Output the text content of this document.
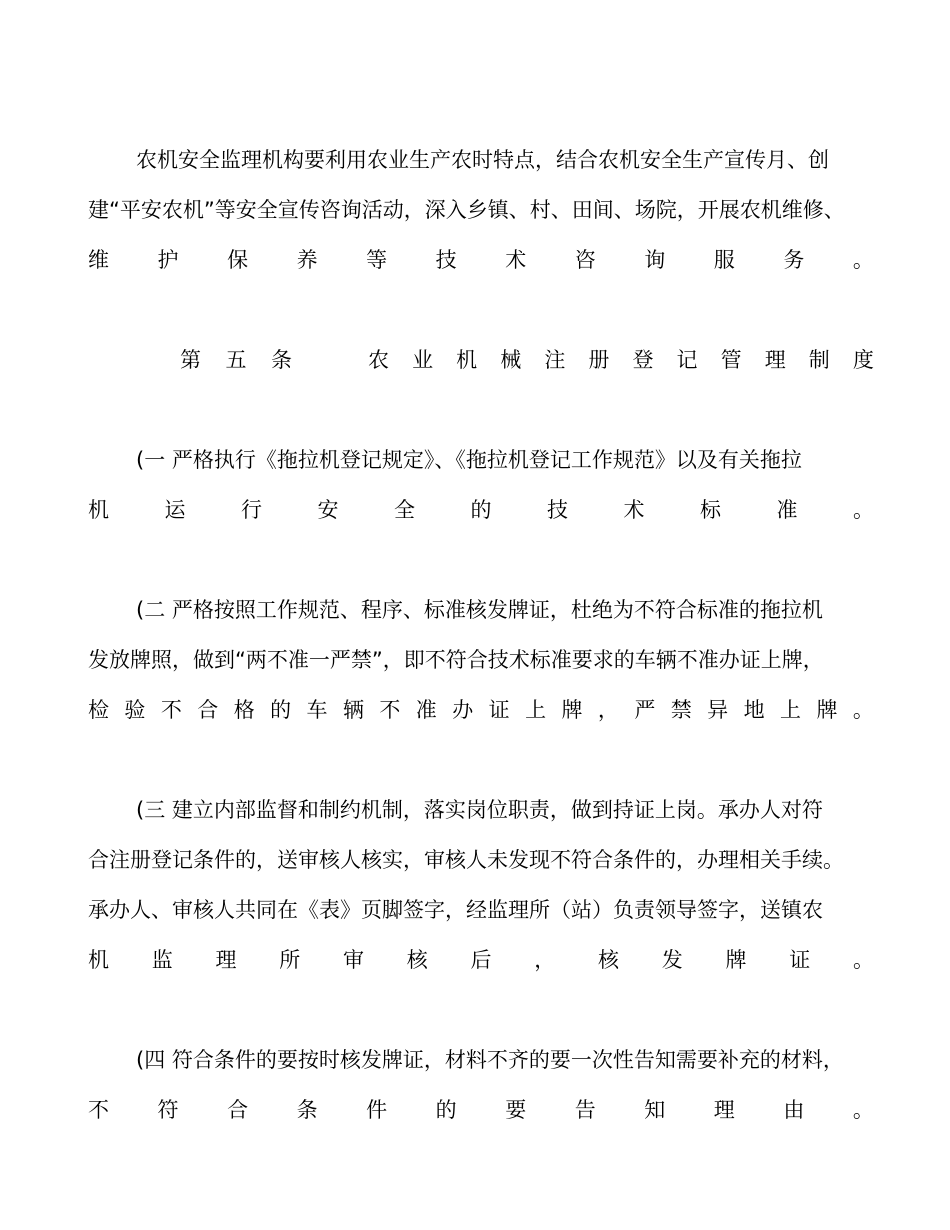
农机安全监理机构要利用农业生产农时特点，结合农机安全生产宣传月、创
建“平安农机”等安全宣传咨询活动，深入乡镇、村、田间、场院，开展农机维修、
维 护 保 养 等 技 术 咨 询 服 务 。
第 五 条	农 业 机 械 注 册 登 记 管 理 制 度
(一 严格执行《拖拉机登记规定》、《拖拉机登记工作规范》以及有关拖拉
机	运	行	安	全	的	技	术	标	准	。
(二 严格按照工作规范、程序、标准核发牌证，杜绝为不符合标准的拖拉机
发放牌照，做到“两不准一严禁”，即不符合技术标准要求的车辆不准办证上牌，
检 验 不 合 格 的 车 辆 不 准 办 证 上 牌 ， 严 禁 异 地 上 牌 。
(三 建立内部监督和制约机制，落实岗位职责，做到持证上岗。承办人对符
合注册登记条件的，送审核人核实，审核人未发现不符合条件的，办理相关手续。
承办人、审核人共同在《表》页脚签字，经监理所（站）负责领导签字，送镇农
机 监 理 所 审 核 后 ， 核 发 牌 证 。
(四 符合条件的要按时核发牌证，材料不齐的要一次性告知需要补充的材料，
不 符 合 条 件 的 要 告 知 理 由 。
